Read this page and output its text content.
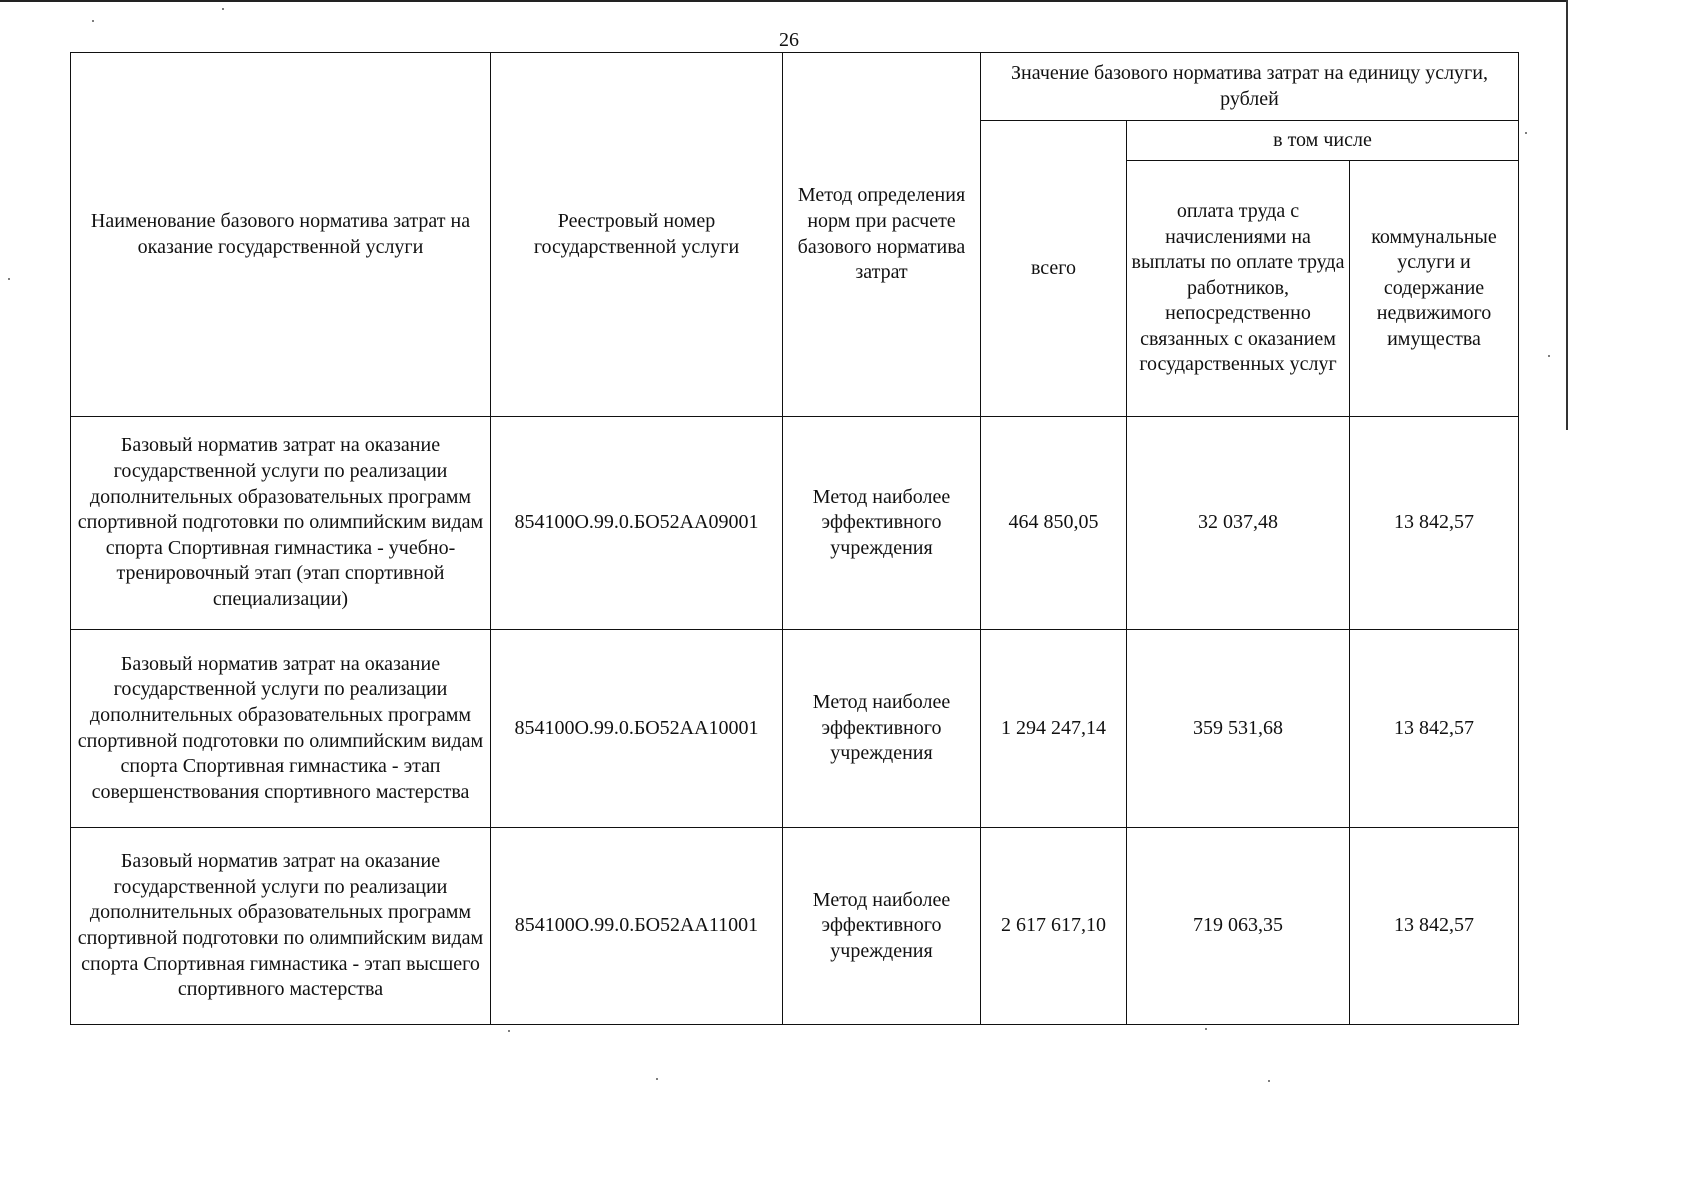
26
Наименование базового норматива затрат на оказание государственной услуги	Реестровый номер государственной услуги	Метод определения норм при расчете базового норматива затрат	Значение базового норматива затрат на единицу услуги, рублей		
			всего	в том числе	
				оплата труда с начислениями на выплаты по оплате труда работников, непосредственно связанных с оказанием государственных услуг	коммунальные услуги и содержание недвижимого имущества
Базовый норматив затрат на оказание государственной услуги по реализации дополнительных образовательных программ спортивной подготовки по олимпийским видам спорта Спортивная гимнастика - учебно-тренировочный этап (этап спортивной специализации)	854100О.99.0.БО52АА09001	Метод наиболее эффективного учреждения	464 850,05	32 037,48	13 842,57
Базовый норматив затрат на оказание государственной услуги по реализации дополнительных образовательных программ спортивной подготовки по олимпийским видам спорта Спортивная гимнастика - этап совершенствования спортивного мастерства	854100О.99.0.БО52АА10001	Метод наиболее эффективного учреждения	1 294 247,14	359 531,68	13 842,57
Базовый норматив затрат на оказание государственной услуги по реализации дополнительных образовательных программ спортивной подготовки по олимпийским видам спорта Спортивная гимнастика - этап высшего спортивного мастерства	854100О.99.0.БО52АА11001	Метод наиболее эффективного учреждения	2 617 617,10	719 063,35	13 842,57
